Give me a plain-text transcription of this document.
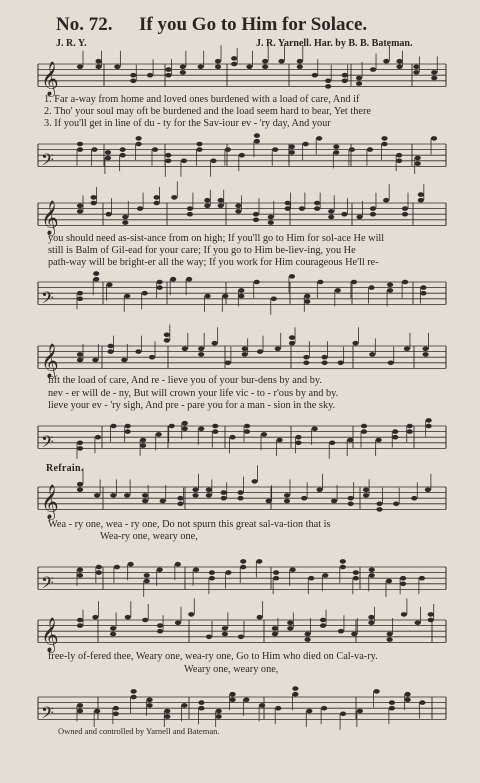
No. 72. If you Go to Him for Solace.
J. R. Y.	J. R. Yarnell. Har. by B. B. Bateman.
𝄞
𝄢
𝄞
𝄢
𝄞
𝄢
𝄞
𝄢
𝄞
𝄢
1. Far a-way from home and loved ones burdened with a load of care, And if
2. Tho' your soul may oft be burdened and the load seem hard to bear, Yet there
3. If you'll get in line of du - ty for the Sav-iour ev - 'ry day, And your
you should need as-sist-ance from on high; If you'll go to Him for sol-ace He will
still is Balm of Gil-ead for your care; If you go to Him be-liev-ing, you He
path-way will be bright-er all the way; If you work for Him courageous He'll re-
lift the load of care, And re - lieve you of your bur-dens by and by.
nev - er will de - ny, But will crown your life vic - to - r'ous by and by.
lieve your ev - 'ry sigh, And pre - pare you for a man - sion in the sky.
Refrain.
Wea - ry one, wea - ry one, Do not spurn this great sal-va-tion that is
Wea-ry one, weary one,
free-ly of-fered thee, Weary one, wea-ry one, Go to Him who died on Cal-va-ry.
Weary one, weary one,
Owned and controlled by Yarnell and Bateman.
